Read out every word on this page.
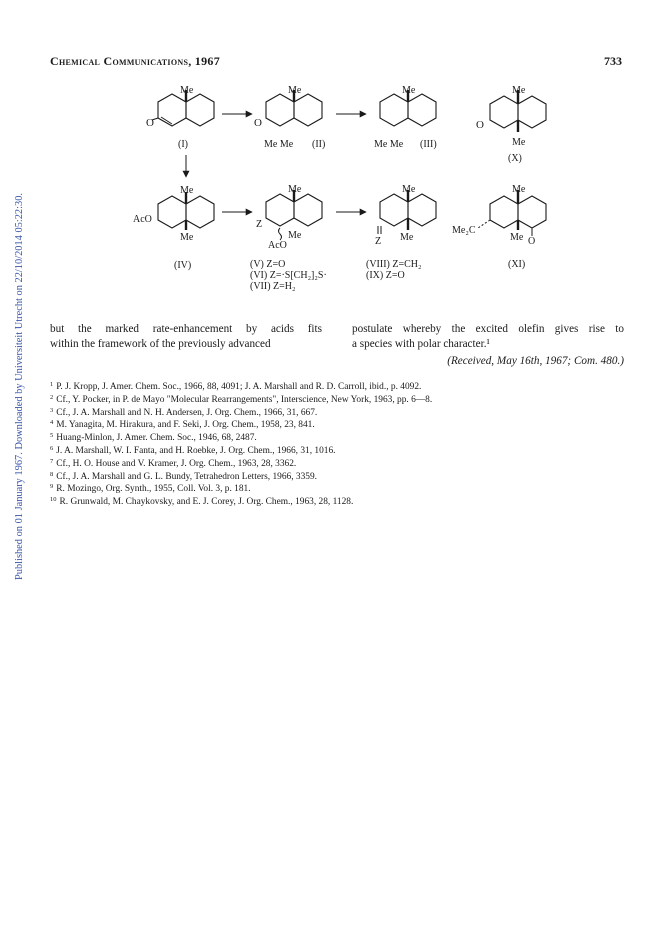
Published on 01 January 1967. Downloaded by Universiteit Utrecht on 22/10/2014 05:22:30.
Chemical Communications, 1967	733
Me
O
(I)
Me
O
Me Me (II)
Me
Me Me (III)
Me
O
Me
(X)
Me
AcO
Me
(IV)
Me
Z
Me
AcO
(V) Z=O
(VI) Z=·S[CH₂]₂S·
(VII) Z=H₂
Me
Z Me
(VIII) Z=CH₂
(IX) Z=O
Me
Me₂C
Me O
(XI)
but the marked rate-enhancement by acids fits
within the framework of the previously advanced
postulate whereby the excited olefin gives rise to
a species with polar character.¹
(Received, May 16th, 1967; Com. 480.)
$^1$ P. J. Kropp, J. Amer. Chem. Soc., 1966, 88, 4091; J. A. Marshall and R. D. Carroll, ibid., p. 4092.
$^2$ Cf., Y. Pocker, in P. de Mayo "Molecular Rearrangements", Interscience, New York, 1963, pp. 6—8.
$^3$ Cf., J. A. Marshall and N. H. Andersen, J. Org. Chem., 1966, 31, 667.
$^4$ M. Yanagita, M. Hirakura, and F. Seki, J. Org. Chem., 1958, 23, 841.
$^5$ Huang-Minlon, J. Amer. Chem. Soc., 1946, 68, 2487.
$^6$ J. A. Marshall, W. I. Fanta, and H. Roebke, J. Org. Chem., 1966, 31, 1016.
$^7$ Cf., H. O. House and V. Kramer, J. Org. Chem., 1963, 28, 3362.
$^8$ Cf., J. A. Marshall and G. L. Bundy, Tetrahedron Letters, 1966, 3359.
$^9$ R. Mozingo, Org. Synth., 1955, Coll. Vol. 3, p. 181.
$^{10}$ R. Grunwald, M. Chaykovsky, and E. J. Corey, J. Org. Chem., 1963, 28, 1128.
